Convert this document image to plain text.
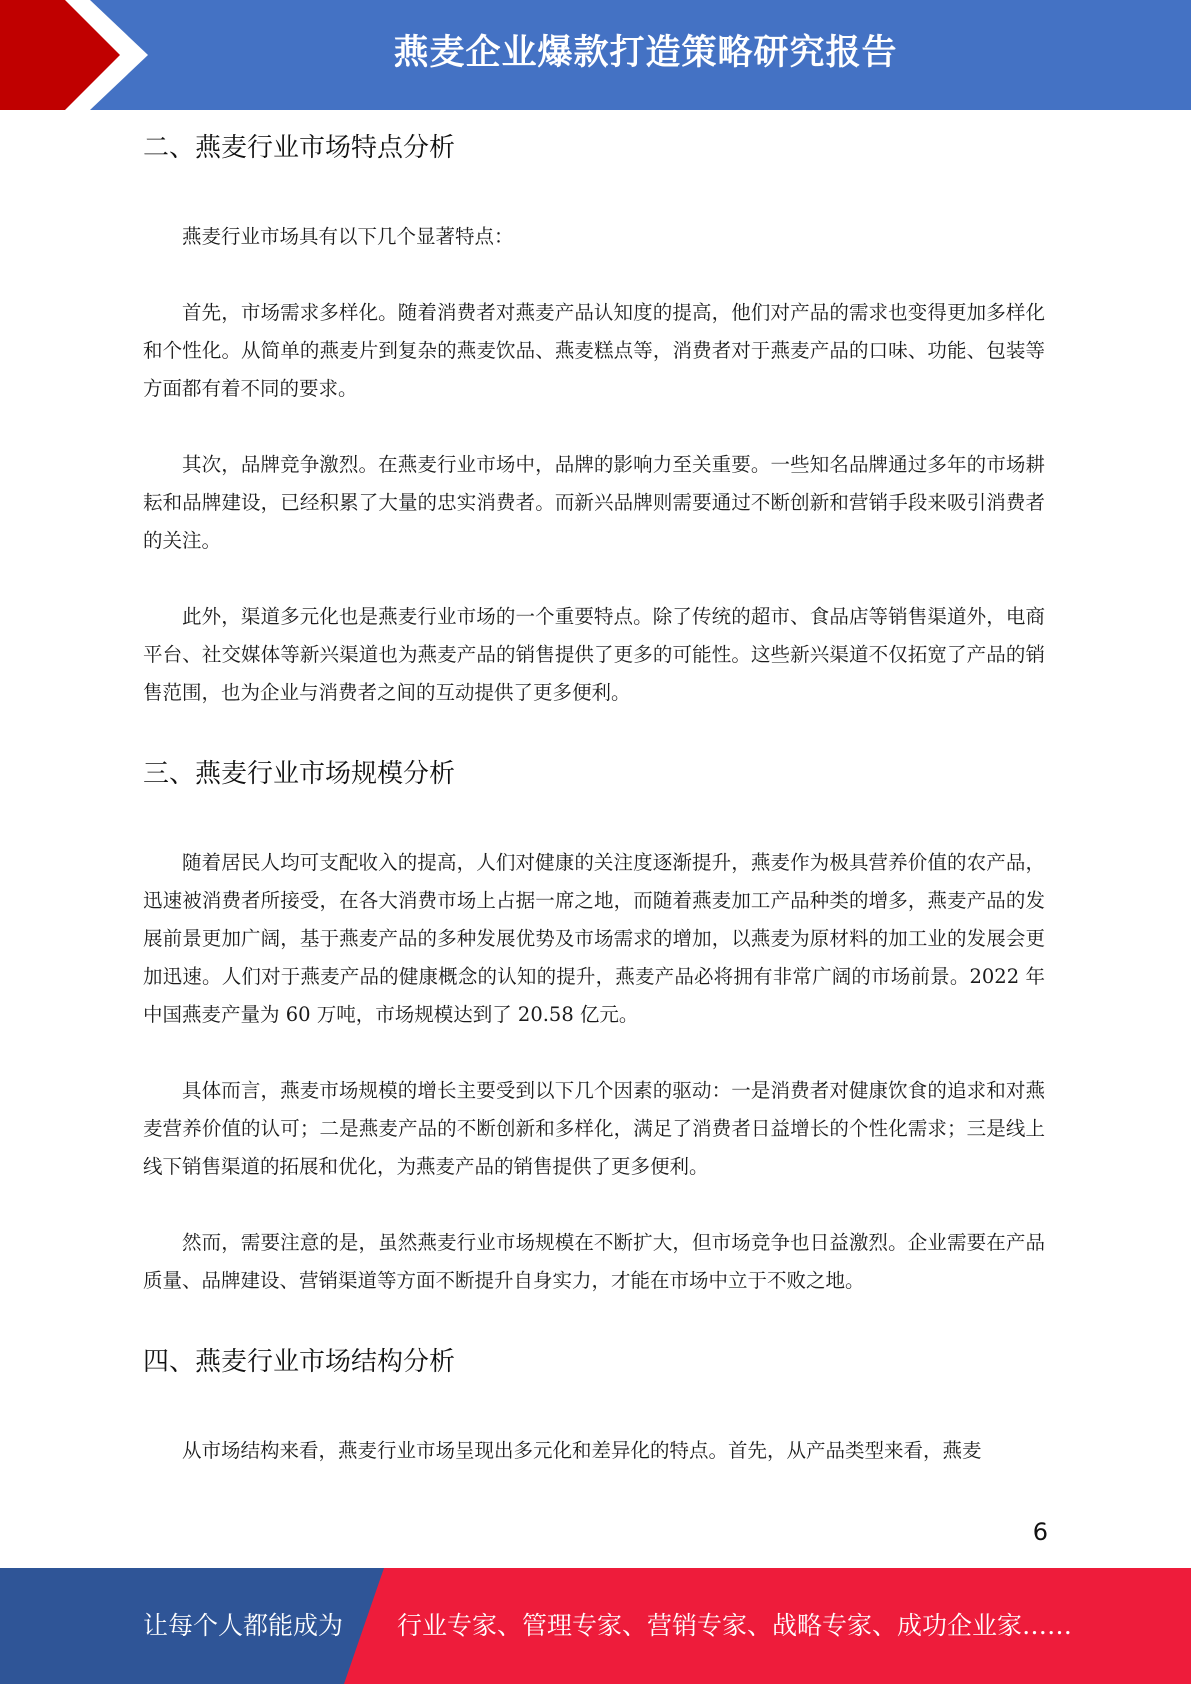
燕麦企业爆款打造策略研究报告
二、燕麦行业市场特点分析

燕麦行业市场具有以下几个显著特点：

首先，市场需求多样化。随着消费者对燕麦产品认知度的提高，他们对产品的需求也变得更加多样化和个性化。从简单的燕麦片到复杂的燕麦饮品、燕麦糕点等，消费者对于燕麦产品的口味、功能、包装等方面都有着不同的要求。

其次，品牌竞争激烈。在燕麦行业市场中，品牌的影响力至关重要。一些知名品牌通过多年的市场耕耘和品牌建设，已经积累了大量的忠实消费者。而新兴品牌则需要通过不断创新和营销手段来吸引消费者的关注。

此外，渠道多元化也是燕麦行业市场的一个重要特点。除了传统的超市、食品店等销售渠道外，电商平台、社交媒体等新兴渠道也为燕麦产品的销售提供了更多的可能性。这些新兴渠道不仅拓宽了产品的销售范围，也为企业与消费者之间的互动提供了更多便利。

三、燕麦行业市场规模分析

随着居民人均可支配收入的提高，人们对健康的关注度逐渐提升，燕麦作为极具营养价值的农产品，迅速被消费者所接受，在各大消费市场上占据一席之地，而随着燕麦加工产品种类的增多，燕麦产品的发展前景更加广阔，基于燕麦产品的多种发展优势及市场需求的增加，以燕麦为原材料的加工业的发展会更加迅速。人们对于燕麦产品的健康概念的认知的提升，燕麦产品必将拥有非常广阔的市场前景。2022 年中国燕麦产量为 60 万吨，市场规模达到了 20.58 亿元。

具体而言，燕麦市场规模的增长主要受到以下几个因素的驱动：一是消费者对健康饮食的追求和对燕麦营养价值的认可；二是燕麦产品的不断创新和多样化，满足了消费者日益增长的个性化需求；三是线上线下销售渠道的拓展和优化，为燕麦产品的销售提供了更多便利。

然而，需要注意的是，虽然燕麦行业市场规模在不断扩大，但市场竞争也日益激烈。企业需要在产品质量、品牌建设、营销渠道等方面不断提升自身实力，才能在市场中立于不败之地。

四、燕麦行业市场结构分析

从市场结构来看，燕麦行业市场呈现出多元化和差异化的特点。首先，从产品类型来看，燕麦

6
让每个人都能成为 行业专家、管理专家、营销专家、战略专家、成功企业家……
